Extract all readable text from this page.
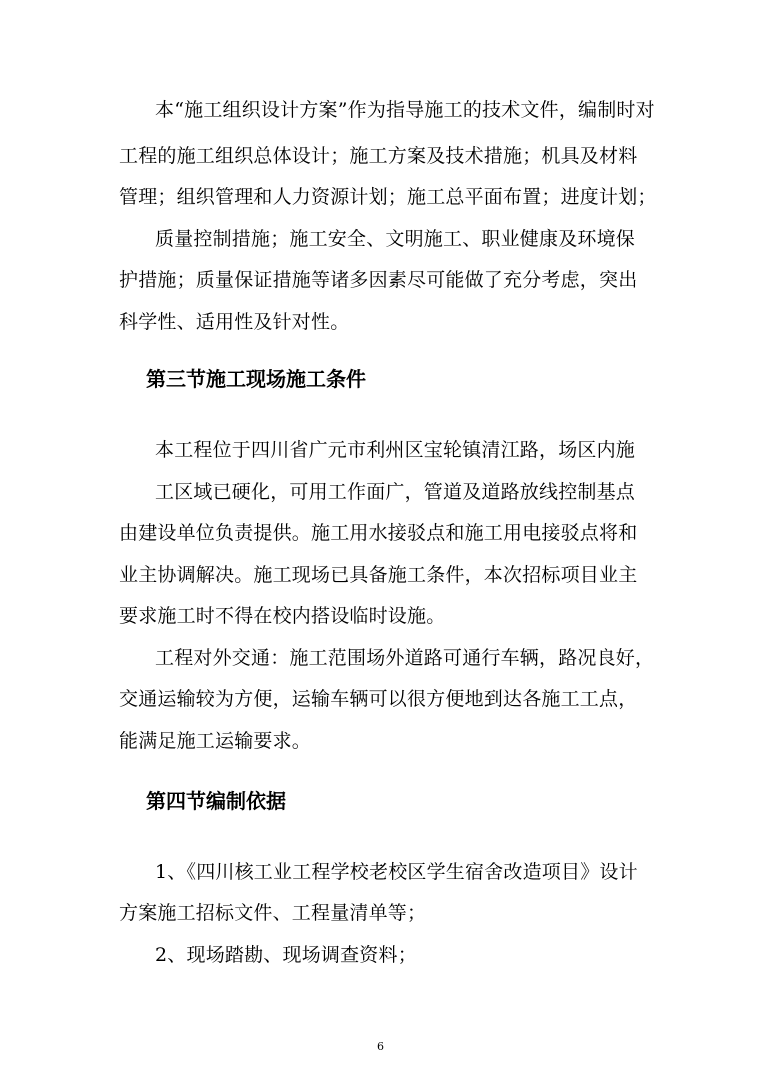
本“施工组织设计方案”作为指导施工的技术文件，编制时对
工程的施工组织总体设计；施工方案及技术措施；机具及材料
管理；组织管理和人力资源计划；施工总平面布置；进度计划；
质量控制措施；施工安全、文明施工、职业健康及环境保
护措施；质量保证措施等诸多因素尽可能做了充分考虑，突出
科学性、适用性及针对性。
第三节施工现场施工条件
本工程位于四川省广元市利州区宝轮镇清江路，场区内施
工区域已硬化，可用工作面广，管道及道路放线控制基点
由建设单位负责提供。施工用水接驳点和施工用电接驳点将和
业主协调解决。施工现场已具备施工条件，本次招标项目业主
要求施工时不得在校内搭设临时设施。
工程对外交通：施工范围场外道路可通行车辆，路况良好，
交通运输较为方便，运输车辆可以很方便地到达各施工工点，
能满足施工运输要求。
第四节编制依据
1、《四川核工业工程学校老校区学生宿舍改造项目》设计
方案施工招标文件、工程量清单等；
2、现场踏勘、现场调查资料；
6
